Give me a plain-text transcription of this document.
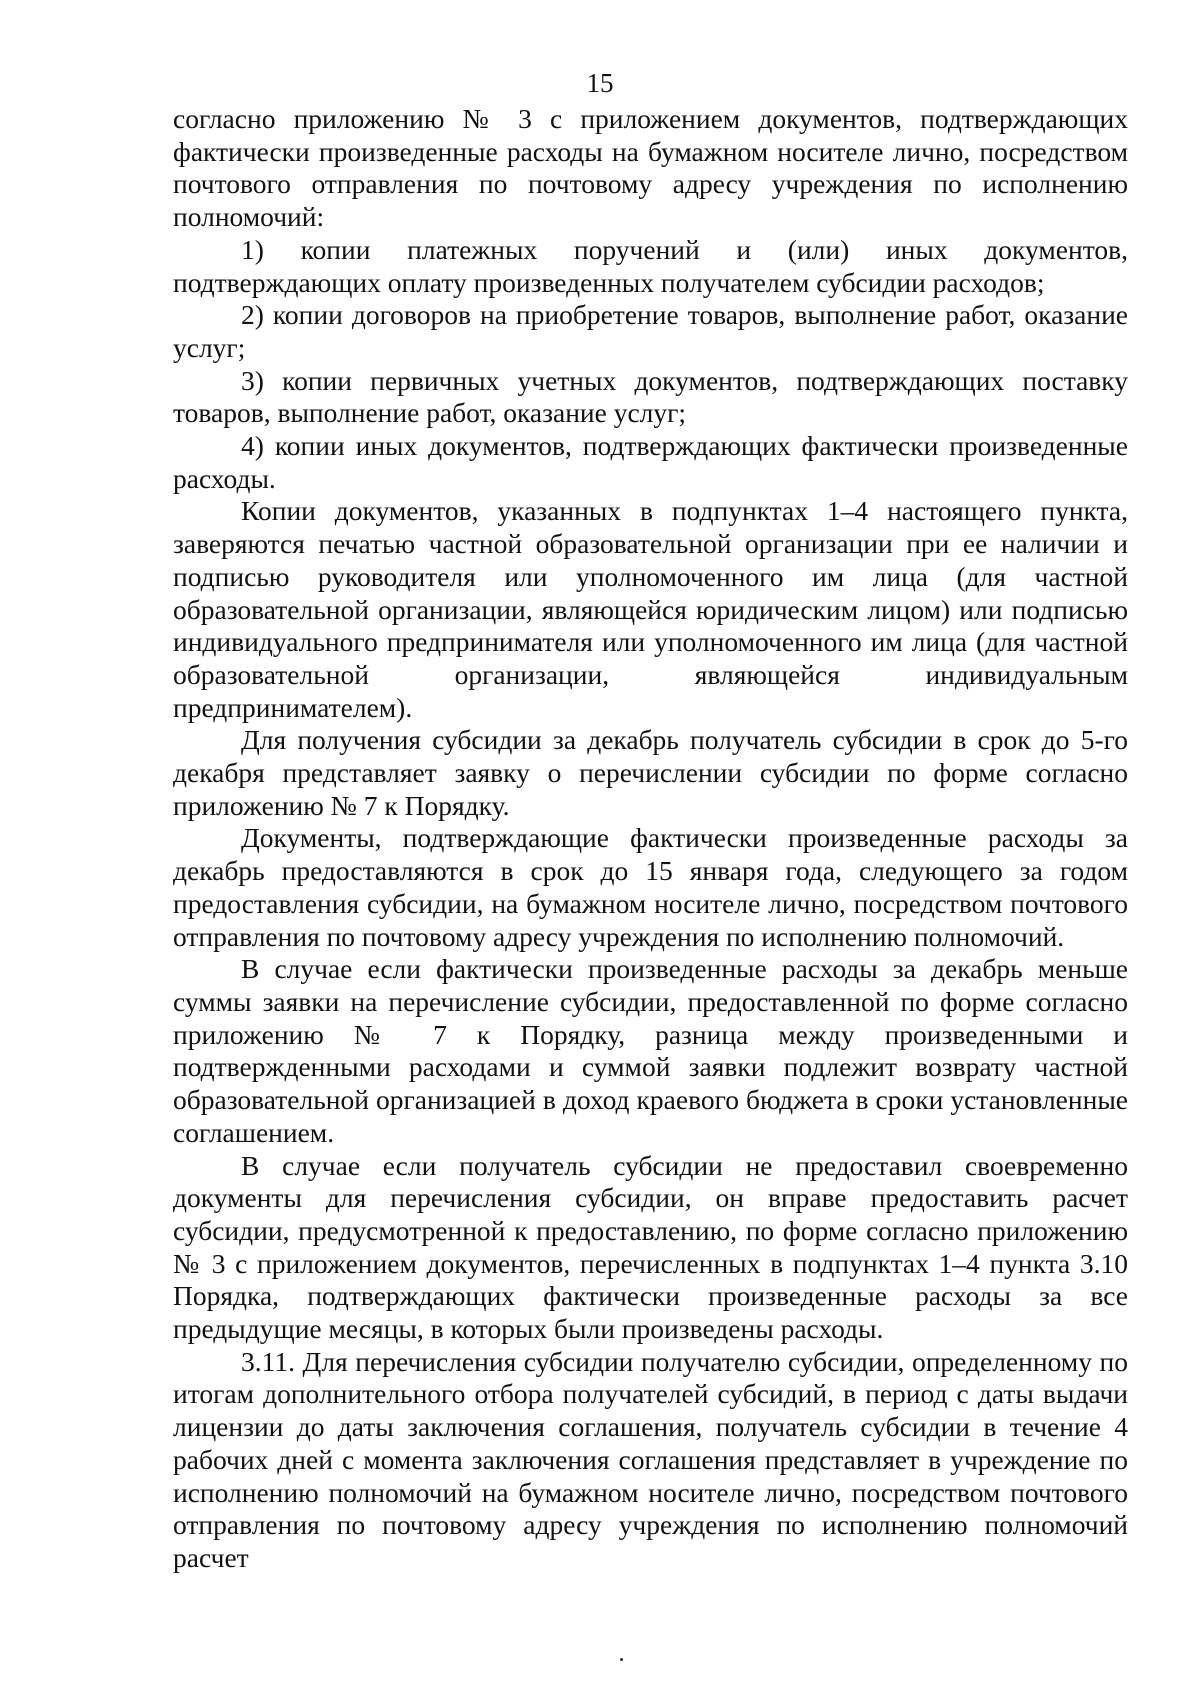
15

согласно приложению № 3 с приложением документов, подтверждающих фактически произведенные расходы на бумажном носителе лично, посредством почтового отправления по почтовому адресу учреждения по исполнению полномочий:

1) копии платежных поручений и (или) иных документов, подтверждающих оплату произведенных получателем субсидии расходов;

2) копии договоров на приобретение товаров, выполнение работ, оказание услуг;

3) копии первичных учетных документов, подтверждающих поставку товаров, выполнение работ, оказание услуг;

4) копии иных документов, подтверждающих фактически произведенные расходы.

Копии документов, указанных в подпунктах 1–4 настоящего пункта, заверяются печатью частной образовательной организации при ее наличии и подписью руководителя или уполномоченного им лица (для частной образовательной организации, являющейся юридическим лицом) или подписью индивидуального предпринимателя или уполномоченного им лица (для частной образовательной организации, являющейся индивидуальным предпринимателем).

Для получения субсидии за декабрь получатель субсидии в срок до 5-го декабря представляет заявку о перечислении субсидии по форме согласно приложению № 7 к Порядку.

Документы, подтверждающие фактически произведенные расходы за декабрь предоставляются в срок до 15 января года, следующего за годом предоставления субсидии, на бумажном носителе лично, посредством почтового отправления по почтовому адресу учреждения по исполнению полномочий.

В случае если фактически произведенные расходы за декабрь меньше суммы заявки на перечисление субсидии, предоставленной по форме согласно приложению № 7 к Порядку, разница между произведенными и подтвержденными расходами и суммой заявки подлежит возврату частной образовательной организацией в доход краевого бюджета в сроки установленные соглашением.

В случае если получатель субсидии не предоставил своевременно документы для перечисления субсидии, он вправе предоставить расчет субсидии, предусмотренной к предоставлению, по форме согласно приложению № 3 с приложением документов, перечисленных в подпунктах 1–4 пункта 3.10 Порядка, подтверждающих фактически произведенные расходы за все предыдущие месяцы, в которых были произведены расходы.

3.11. Для перечисления субсидии получателю субсидии, определенному по итогам дополнительного отбора получателей субсидий, в период с даты выдачи лицензии до даты заключения соглашения, получатель субсидии в течение 4 рабочих дней с момента заключения соглашения представляет в учреждение по исполнению полномочий на бумажном носителе лично, посредством почтового отправления по почтовому адресу учреждения по исполнению полномочий расчет
